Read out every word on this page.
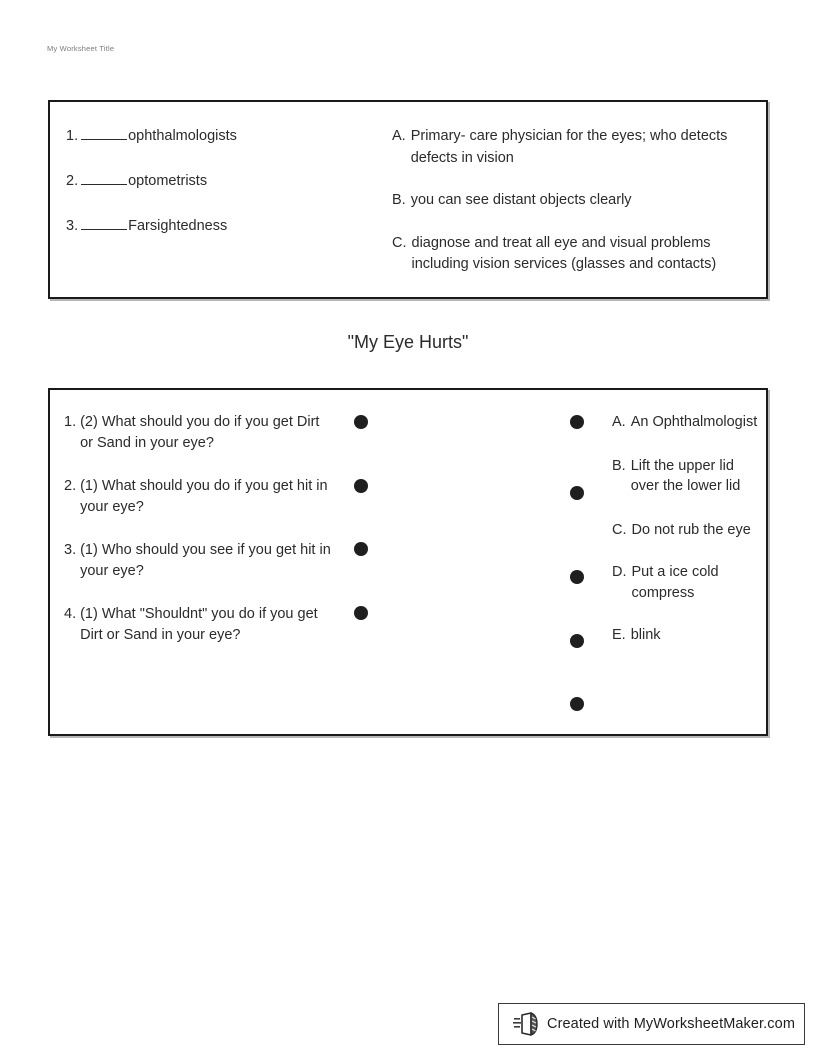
My Worksheet Title
1.	ophthalmologists
2.	optometrists
3.	Farsightedness
A. Primary- care physician for the eyes; who detects defects in vision
B. you can see distant objects clearly
C. diagnose and treat all eye and visual problems including vision services (glasses and contacts)
"My Eye Hurts"
1. (2) What should you do if you get Dirt or Sand in your eye?
2. (1) What should you do if you get hit in your eye?
3. (1) Who should you see if you get hit in your eye?
4. (1) What "Shouldnt" you do if you get Dirt or Sand in your eye?
A. An Ophthalmologist
B. Lift the upper lid over the lower lid
C. Do not rub the eye
D. Put a ice cold compress
E. blink
Created with MyWorksheetMaker.com
